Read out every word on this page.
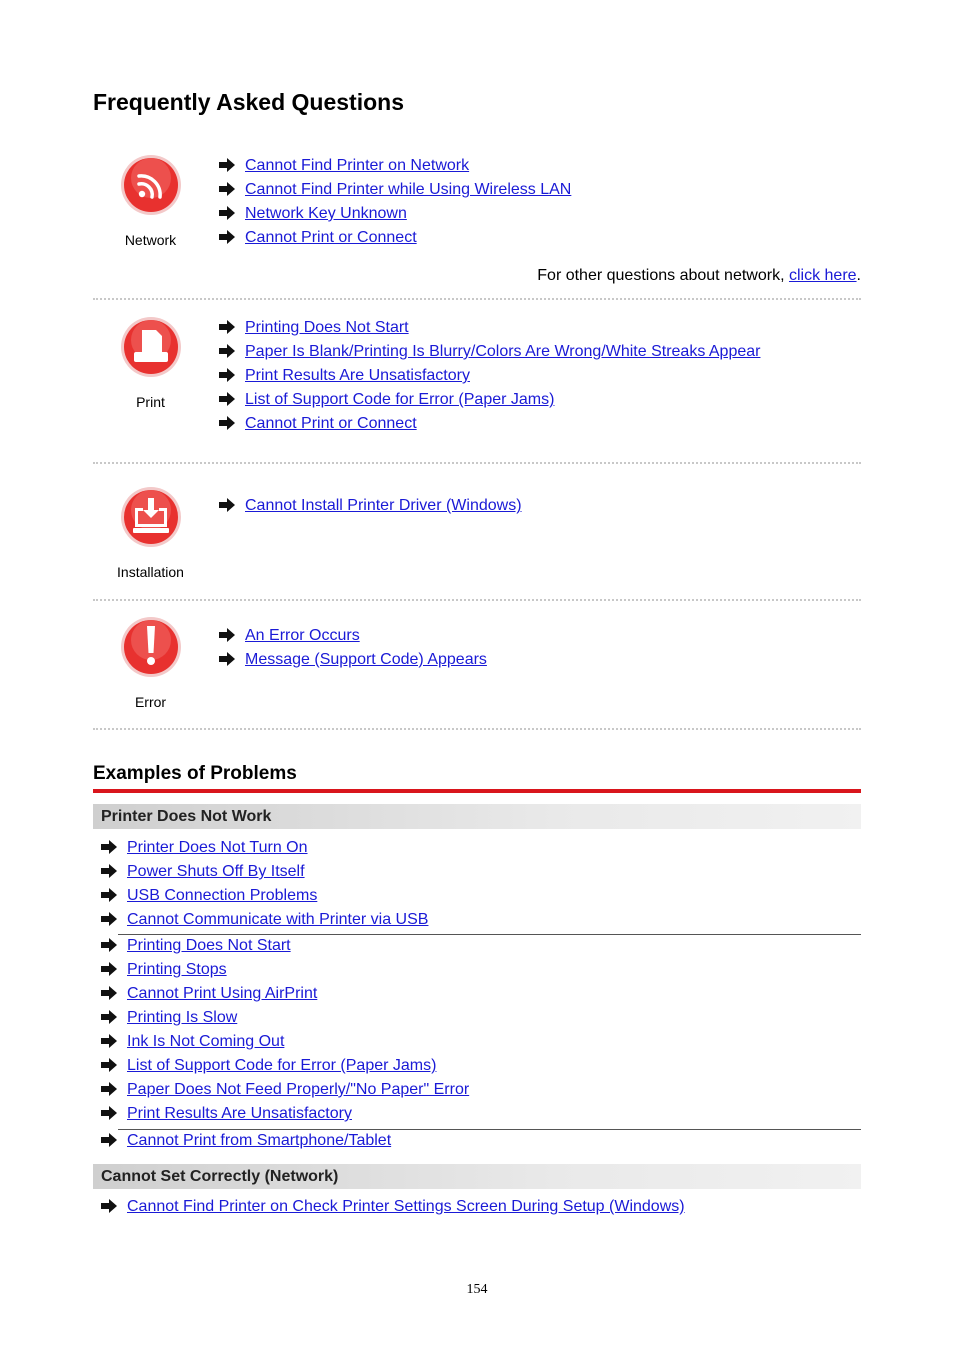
Frequently Asked Questions
Network
Cannot Find Printer on Network
Cannot Find Printer while Using Wireless LAN
Network Key Unknown
Cannot Print or Connect
For other questions about network, click here.
Print
Printing Does Not Start
Paper Is Blank/Printing Is Blurry/Colors Are Wrong/White Streaks Appear
Print Results Are Unsatisfactory
List of Support Code for Error (Paper Jams)
Cannot Print or Connect
Installation
Cannot Install Printer Driver (Windows)
Error
An Error Occurs
Message (Support Code) Appears
Examples of Problems
Printer Does Not Work
Printer Does Not Turn On
Power Shuts Off By Itself
USB Connection Problems
Cannot Communicate with Printer via USB
Printing Does Not Start
Printing Stops
Cannot Print Using AirPrint
Printing Is Slow
Ink Is Not Coming Out
List of Support Code for Error (Paper Jams)
Paper Does Not Feed Properly/"No Paper" Error
Print Results Are Unsatisfactory
Cannot Print from Smartphone/Tablet
Cannot Set Correctly (Network)
Cannot Find Printer on Check Printer Settings Screen During Setup (Windows)
154
